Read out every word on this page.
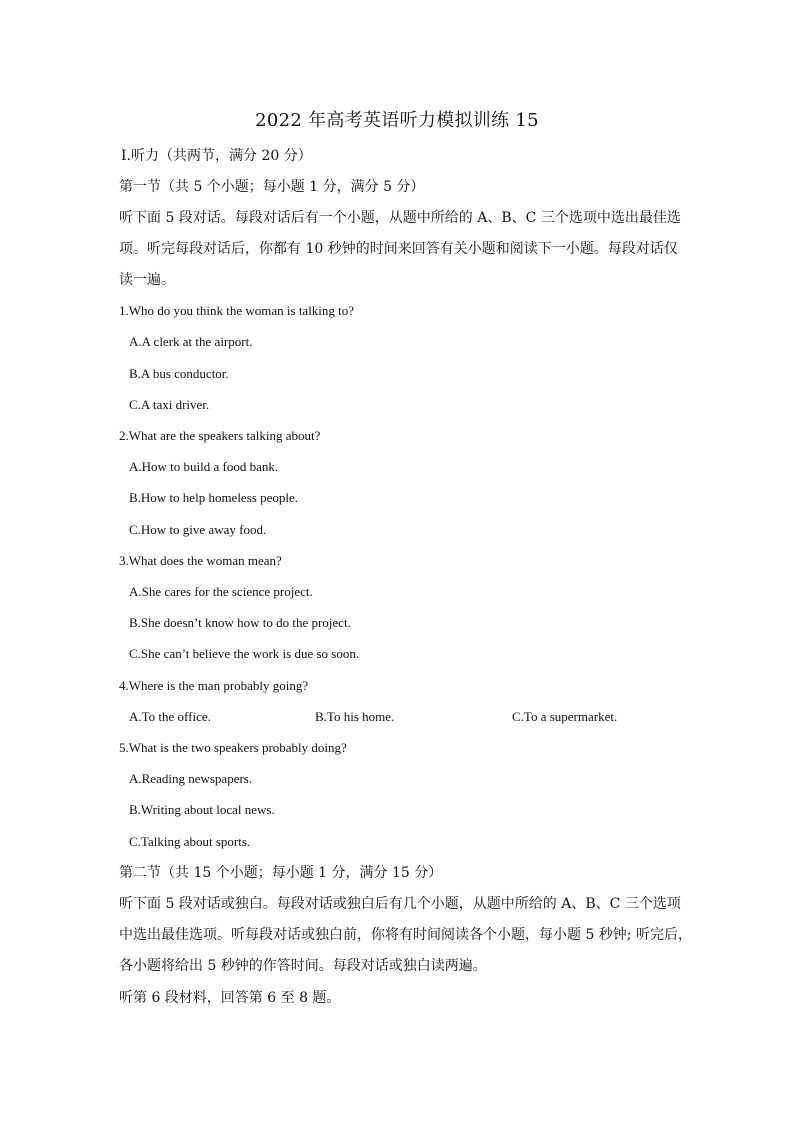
2022 年高考英语听力模拟训练 15
Ⅰ.听力（共两节，满分 20 分）
第一节（共 5 个小题；每小题 1 分，满分 5 分）
听下面 5 段对话。每段对话后有一个小题，从题中所给的 A、B、C 三个选项中选出最佳选
项。听完每段对话后，你都有 10 秒钟的时间来回答有关小题和阅读下一小题。每段对话仅
读一遍。
1.Who do you think the woman is talking to?
A.A clerk at the airport.
B.A bus conductor.
C.A taxi driver.
2.What are the speakers talking about?
A.How to build a food bank.
B.How to help homeless people.
C.How to give away food.
3.What does the woman mean?
A.She cares for the science project.
B.She doesn’t know how to do the project.
C.She can’t believe the work is due so soon.
4.Where is the man probably going?
A.To the office.	B.To his home.	C.To a supermarket.
5.What is the two speakers probably doing?
A.Reading newspapers.
B.Writing about local news.
C.Talking about sports.
第二节（共 15 个小题；每小题 1 分，满分 15 分）
听下面 5 段对话或独白。每段对话或独白后有几个小题，从题中所给的 A、B、C 三个选项
中选出最佳选项。听每段对话或独白前，你将有时间阅读各个小题，每小题 5 秒钟; 听完后，
各小题将给出 5 秒钟的作答时间。每段对话或独白读两遍。
听第 6 段材料，回答第 6 至 8 题。
